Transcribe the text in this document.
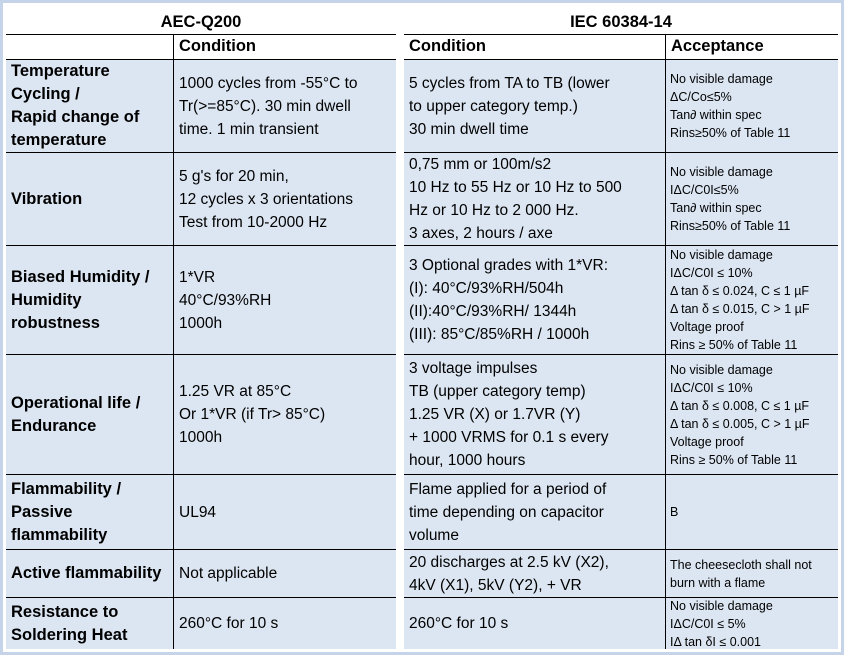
AEC-Q200
Condition
Temperature
Cycling /
Rapid change of
temperature
1000 cycles from -55°C to
Tr(>=85°C). 30 min dwell
time. 1 min transient
Vibration
5 g's for 20 min,
12 cycles x 3 orientations
Test from 10-2000 Hz
Biased Humidity /
Humidity
robustness
1*VR
40°C/93%RH
1000h
Operational life /
Endurance
1.25 VR at 85°C
Or 1*VR (if Tr> 85°C)
1000h
Flammability /
Passive
flammability
UL94
Active flammability Not applicable
Resistance to
Soldering Heat
260°C for 10 s
IEC 60384-14
Condition	Acceptance
5 cycles from TA to TB (lower
to upper category temp.)
30 min dwell time
No visible damage
ΔC/Co≤5%
Tan∂ within spec
Rins≥50% of Table 11
0,75 mm or 100m/s2
10 Hz to 55 Hz or 10 Hz to 500
Hz or 10 Hz to 2 000 Hz.
3 axes, 2 hours / axe
No visible damage
IΔC/C0I≤5%
Tan∂ within spec
Rins≥50% of Table 11
3 Optional grades with 1*VR:
(I): 40°C/93%RH/504h
(II):40°C/93%RH/ 1344h
(III): 85°C/85%RH / 1000h
No visible damage
IΔC/C0I ≤ 10%
Δ tan δ ≤ 0.024, C ≤ 1 µF
Δ tan δ ≤ 0.015, C > 1 µF
Voltage proof
Rins ≥ 50% of Table 11
3 voltage impulses
TB (upper category temp)
1.25 VR (X) or 1.7VR (Y)
+ 1000 VRMS for 0.1 s every
hour, 1000 hours
No visible damage
IΔC/C0I ≤ 10%
Δ tan δ ≤ 0.008, C ≤ 1 µF
Δ tan δ ≤ 0.005, C > 1 µF
Voltage proof
Rins ≥ 50% of Table 11
Flame applied for a period of
time depending on capacitor
volume
B
20 discharges at 2.5 kV (X2),
4kV (X1), 5kV (Y2), + VR
The cheesecloth shall not
burn with a flame
260°C for 10 s
No visible damage
IΔC/C0I ≤ 5%
IΔ tan δI ≤ 0.001
